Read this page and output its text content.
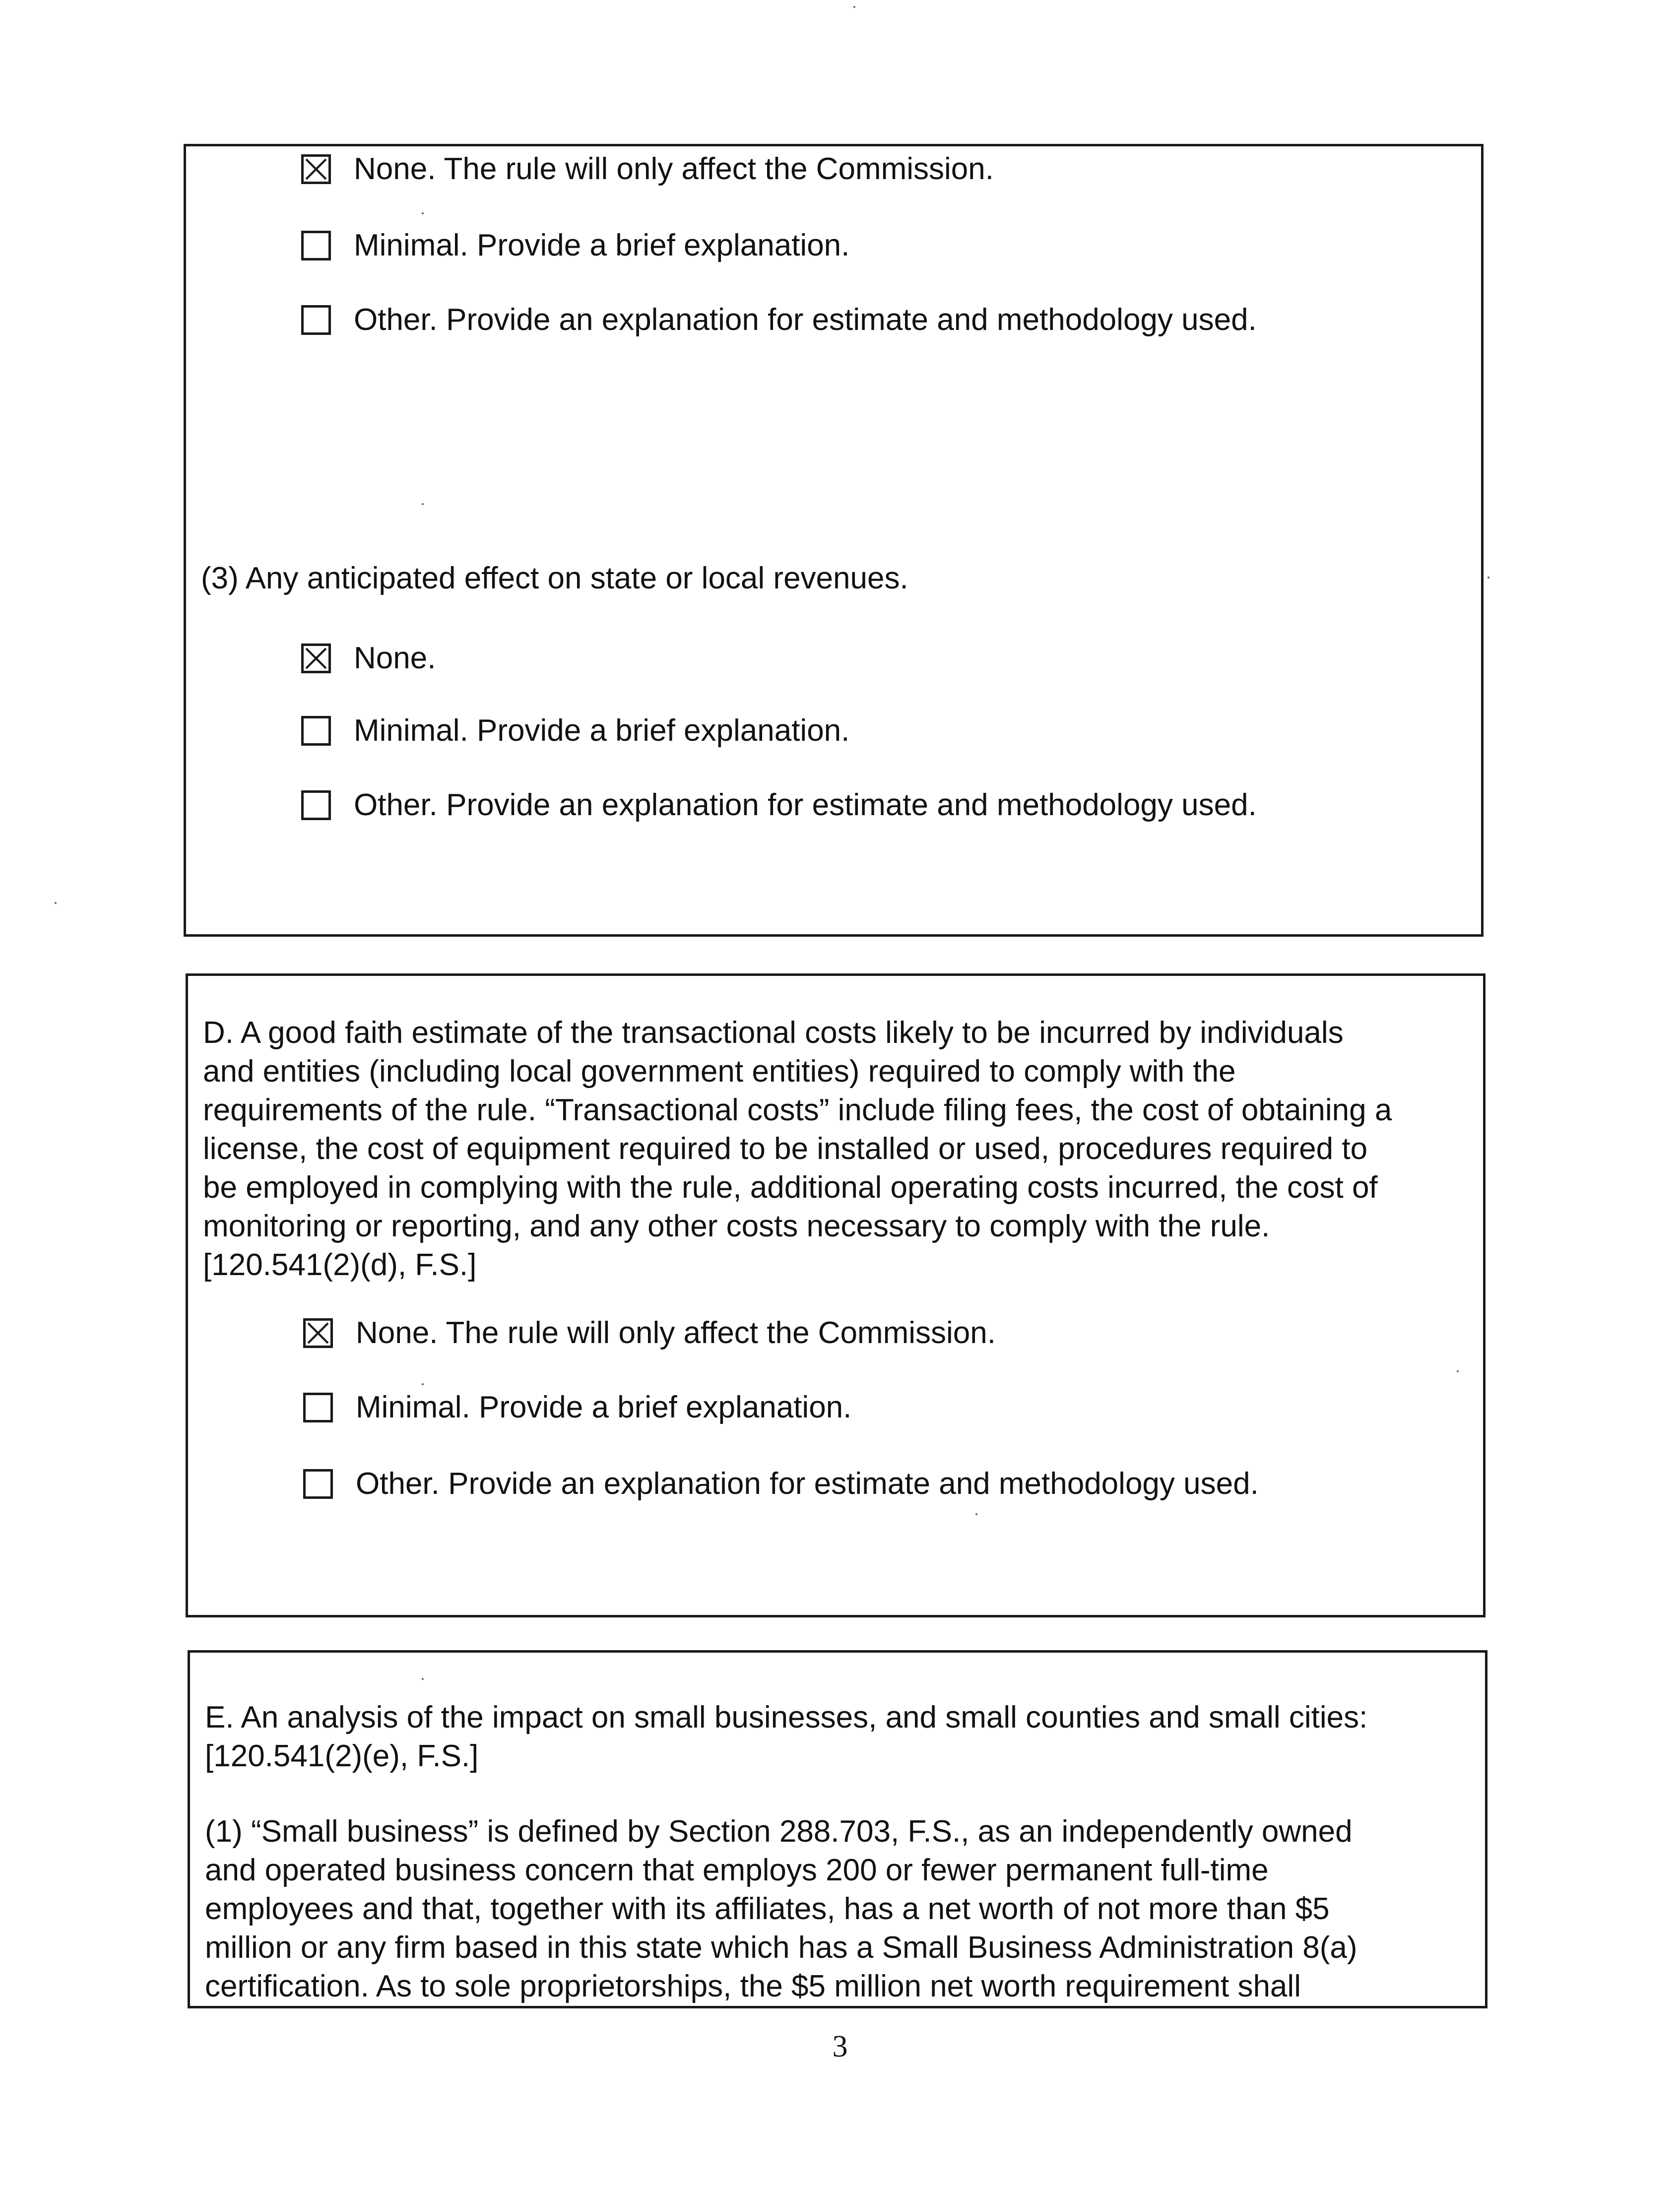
None. The rule will only affect the Commission.
Minimal. Provide a brief explanation.
Other. Provide an explanation for estimate and methodology used.
(3) Any anticipated effect on state or local revenues.
None.
Minimal. Provide a brief explanation.
Other. Provide an explanation for estimate and methodology used.
D. A good faith estimate of the transactional costs likely to be incurred by individuals
and entities (including local government entities) required to comply with the
requirements of the rule. “Transactional costs” include filing fees, the cost of obtaining a
license, the cost of equipment required to be installed or used, procedures required to
be employed in complying with the rule, additional operating costs incurred, the cost of
monitoring or reporting, and any other costs necessary to comply with the rule.
[120.541(2)(d), F.S.]
None. The rule will only affect the Commission.
Minimal. Provide a brief explanation.
Other. Provide an explanation for estimate and methodology used.
E. An analysis of the impact on small businesses, and small counties and small cities:
[120.541(2)(e), F.S.]
(1) “Small business” is defined by Section 288.703, F.S., as an independently owned
and operated business concern that employs 200 or fewer permanent full-time
employees and that, together with its affiliates, has a net worth of not more than $5
million or any firm based in this state which has a Small Business Administration 8(a)
certification. As to sole proprietorships, the $5 million net worth requirement shall
3
